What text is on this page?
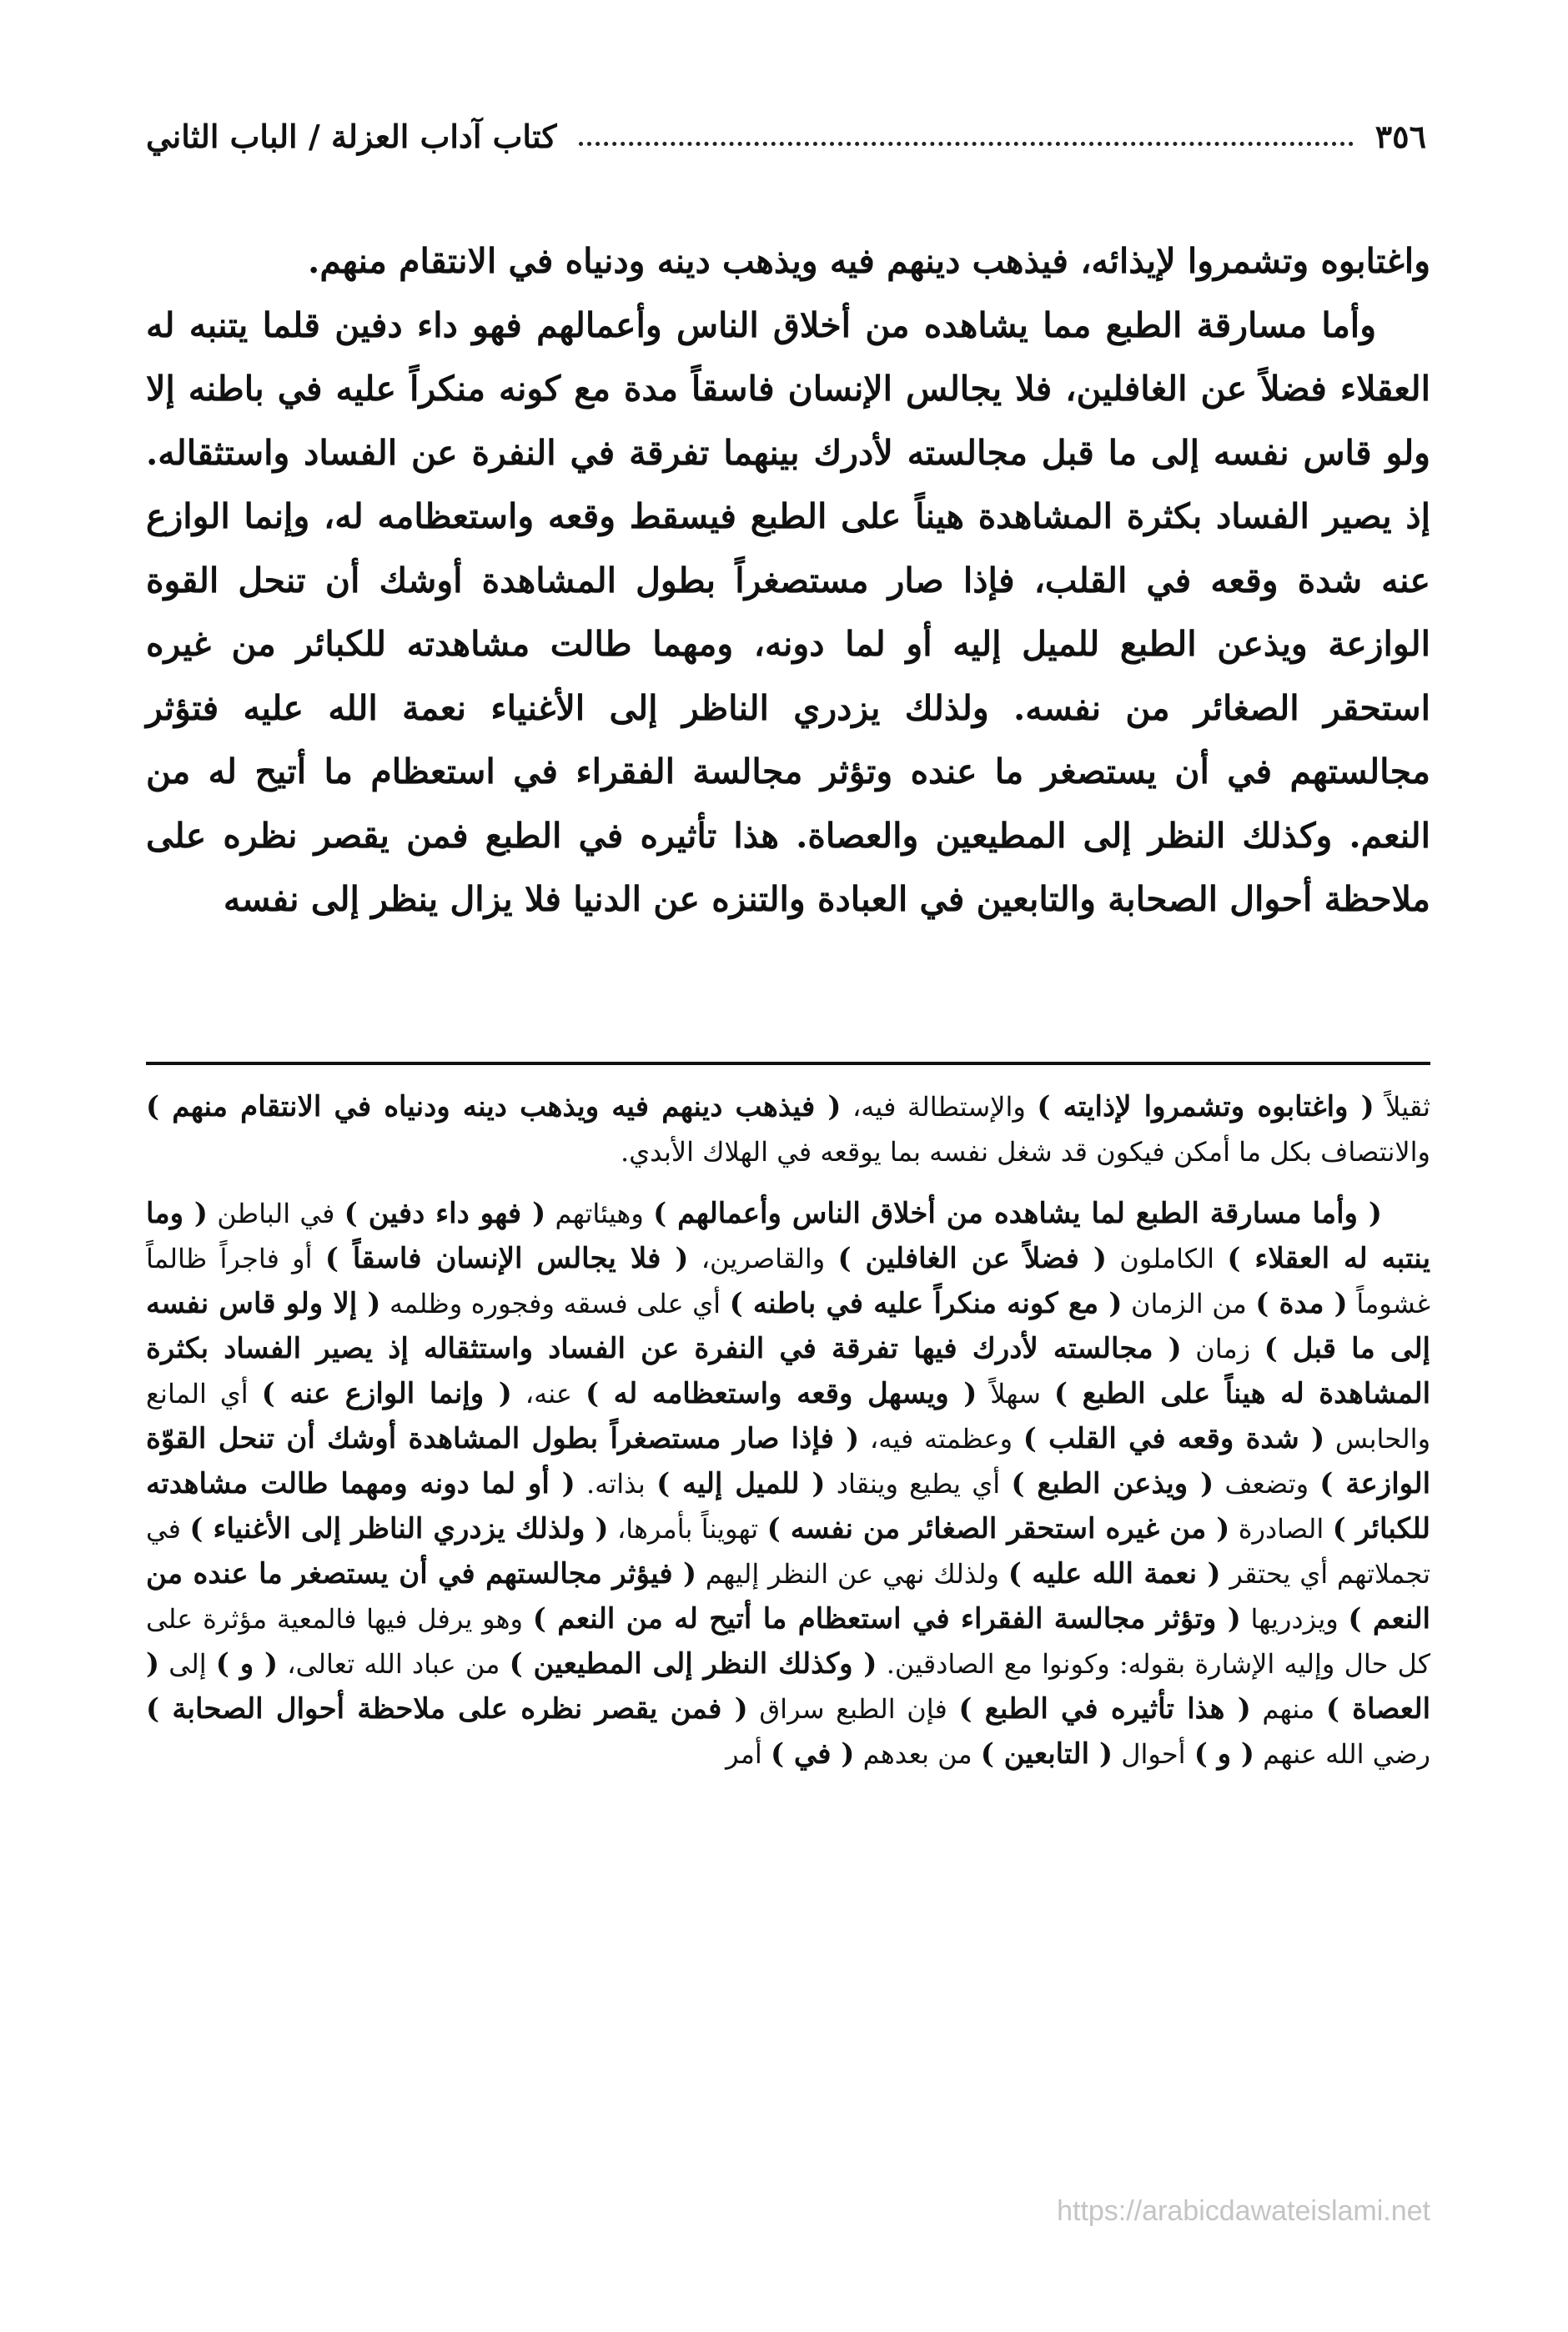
٣٥٦
كتاب آداب العزلة / الباب الثاني

واغتابوه وتشمروا لإيذائه، فيذهب دينهم فيه ويذهب دينه ودنياه في الانتقام منهم.

وأما مسارقة الطبع مما يشاهده من أخلاق الناس وأعمالهم فهو داء دفين قلما يتنبه له العقلاء فضلاً عن الغافلين، فلا يجالس الإنسان فاسقاً مدة مع كونه منكراً عليه في باطنه إلا ولو قاس نفسه إلى ما قبل مجالسته لأدرك بينهما تفرقة في النفرة عن الفساد واستثقاله. إذ يصير الفساد بكثرة المشاهدة هيناً على الطبع فيسقط وقعه واستعظامه له، وإنما الوازع عنه شدة وقعه في القلب، فإذا صار مستصغراً بطول المشاهدة أوشك أن تنحل القوة الوازعة ويذعن الطبع للميل إليه أو لما دونه، ومهما طالت مشاهدته للكبائر من غيره استحقر الصغائر من نفسه. ولذلك يزدري الناظر إلى الأغنياء نعمة الله عليه فتؤثر مجالستهم في أن يستصغر ما عنده وتؤثر مجالسة الفقراء في استعظام ما أتيح له من النعم. وكذلك النظر إلى المطيعين والعصاة. هذا تأثيره في الطبع فمن يقصر نظره على ملاحظة أحوال الصحابة والتابعين في العبادة والتنزه عن الدنيا فلا يزال ينظر إلى نفسه

ثقيلاً ( واغتابوه وتشمروا لإذايته ) والإستطالة فيه، ( فيذهب دينهم فيه ويذهب دينه ودنياه في الانتقام منهم ) والانتصاف بكل ما أمكن فيكون قد شغل نفسه بما يوقعه في الهلاك الأبدي.

( وأما مسارقة الطبع لما يشاهده من أخلاق الناس وأعمالهم ) وهيئاتهم ( فهو داء دفين ) في الباطن ( وما ينتبه له العقلاء ) الكاملون ( فضلاً عن الغافلين ) والقاصرين، ( فلا يجالس الإنسان فاسقاً ) أو فاجراً ظالماً غشوماً ( مدة ) من الزمان ( مع كونه منكراً عليه في باطنه ) أي على فسقه وفجوره وظلمه ( إلا ولو قاس نفسه إلى ما قبل ) زمان ( مجالسته لأدرك فيها تفرقة في النفرة عن الفساد واستثقاله إذ يصير الفساد بكثرة المشاهدة له هيناً على الطبع ) سهلاً ( ويسهل وقعه واستعظامه له ) عنه، ( وإنما الوازع عنه ) أي المانع والحابس ( شدة وقعه في القلب ) وعظمته فيه، ( فإذا صار مستصغراً بطول المشاهدة أوشك أن تنحل القوّة الوازعة ) وتضعف ( ويذعن الطبع ) أي يطيع وينقاد ( للميل إليه ) بذاته. ( أو لما دونه ومهما طالت مشاهدته للكبائر ) الصادرة ( من غيره استحقر الصغائر من نفسه ) تهويناً بأمرها، ( ولذلك يزدري الناظر إلى الأغنياء ) في تجملاتهم أي يحتقر ( نعمة الله عليه ) ولذلك نهي عن النظر إليهم ( فيؤثر مجالستهم في أن يستصغر ما عنده من النعم ) ويزدريها ( وتؤثر مجالسة الفقراء في استعظام ما أتيح له من النعم ) وهو يرفل فيها فالمعية مؤثرة على كل حال وإليه الإشارة بقوله: وكونوا مع الصادقين. ( وكذلك النظر إلى المطيعين ) من عباد الله تعالى، ( و ) إلى ( العصاة ) منهم ( هذا تأثيره في الطبع ) فإن الطبع سراق ( فمن يقصر نظره على ملاحظة أحوال الصحابة ) رضي الله عنهم ( و ) أحوال ( التابعين ) من بعدهم ( في ) أمر

https://arabicdawateislami.net
